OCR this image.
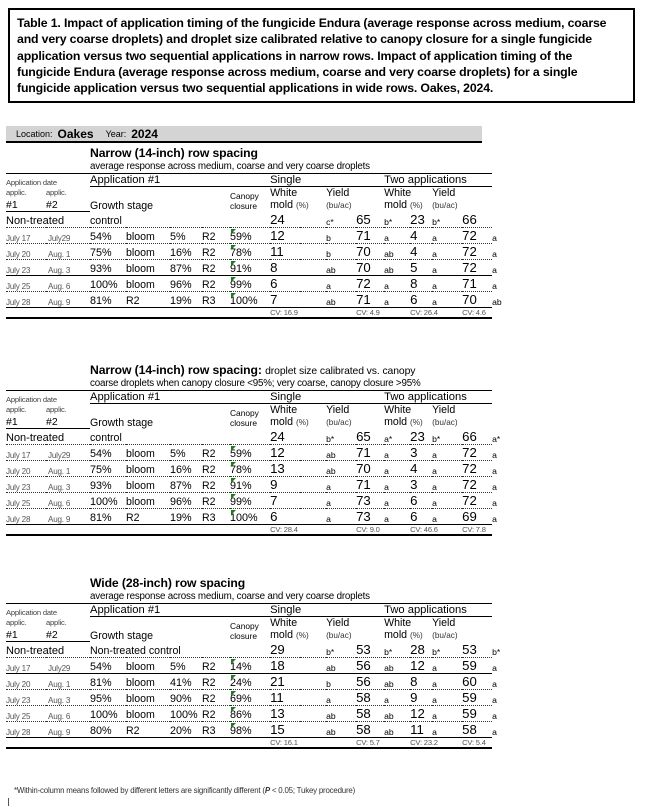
Table 1. Impact of application timing of the fungicide Endura (average response across medium, coarse and very coarse droplets) and droplet size calibrated relative to canopy closure for a single fungicide application versus two sequential applications in narrow rows. Impact of application timing of the fungicide Endura (average response across medium, coarse and very coarse droplets) for a single fungicide application versus two sequential applications in wide rows. Oakes, 2024.
Location: Oakes Year: 2024
Narrow (14-inch) row spacing
average response across medium, coarse and very coarse droplets
Application date		Application #1					Single			Two applications				
applic.	applic.	Growth stage				Canopy
closure	White
mold (%)	Yield
(bu/ac)		White
mold (%)		Yield
(bu/ac)		
#1	#2													
Non-treated		control					24	c*	65	b*	23	b*	66	
July 17	July29	54%	bloom	5%	R2	59%	12	b	71	a	4	a	72	a
July 20	Aug. 1	75%	bloom	16%	R2	78%	11	b	70	ab	4	a	72	a
July 23	Aug. 3	93%	bloom	87%	R2	91%	8	ab	70	ab	5	a	72	a
July 25	Aug. 6	100%	bloom	96%	R2	99%	6	a	72	a	8	a	71	a
July 28	Aug. 9	81%	R2	19%	R3	100%	7	ab	71	a	6	a	70	ab
							CV: 16.9		CV: 4.9		CV: 26.4		CV: 4.6	
Narrow (14-inch) row spacing: droplet size calibrated vs. canopy
coarse droplets when canopy closure <95%; very coarse, canopy closure >95%
Application date		Application #1					Single			Two applications				
applic.	applic.	Growth stage				Canopy
closure	White
mold (%)	Yield
(bu/ac)		White
mold (%)		Yield
(bu/ac)		
#1	#2													
Non-treated		control					24	b*	65	a*	23	b*	66	a*
July 17	July29	54%	bloom	5%	R2	59%	12	ab	71	a	3	a	72	a
July 20	Aug. 1	75%	bloom	16%	R2	78%	13	ab	70	a	4	a	72	a
July 23	Aug. 3	93%	bloom	87%	R2	91%	9	a	71	a	3	a	72	a
July 25	Aug. 6	100%	bloom	96%	R2	99%	7	a	73	a	6	a	72	a
July 28	Aug. 9	81%	R2	19%	R3	100%	6	a	73	a	6	a	69	a
							CV: 28.4		CV: 9.0		CV: 46.6		CV: 7.8	
Wide (28-inch) row spacing
average response across medium, coarse and very coarse droplets
Application date		Application #1					Single			Two applications				
applic.	applic.	Growth stage				Canopy
closure	White
mold (%)	Yield
(bu/ac)		White
mold (%)		Yield
(bu/ac)		
#1	#2													
Non-treated		Non-treated control					29	b*	53	b*	28	b*	53	b*
July 17	July29	54%	bloom	5%	R2	14%	18	ab	56	ab	12	a	59	a
July 20	Aug. 1	81%	bloom	41%	R2	24%	21	b	56	ab	8	a	60	a
July 23	Aug. 3	95%	bloom	90%	R2	69%	11	a	58	a	9	a	59	a
July 25	Aug. 6	100%	bloom	100%	R2	86%	13	ab	58	ab	12	a	59	a
July 28	Aug. 9	80%	R2	20%	R3	98%	15	ab	58	ab	11	a	58	a
							CV: 16.1		CV: 5.7		CV: 23.2		CV: 5.4	
*Within-column means followed by different letters are significantly different (P < 0.05; Tukey procedure)
